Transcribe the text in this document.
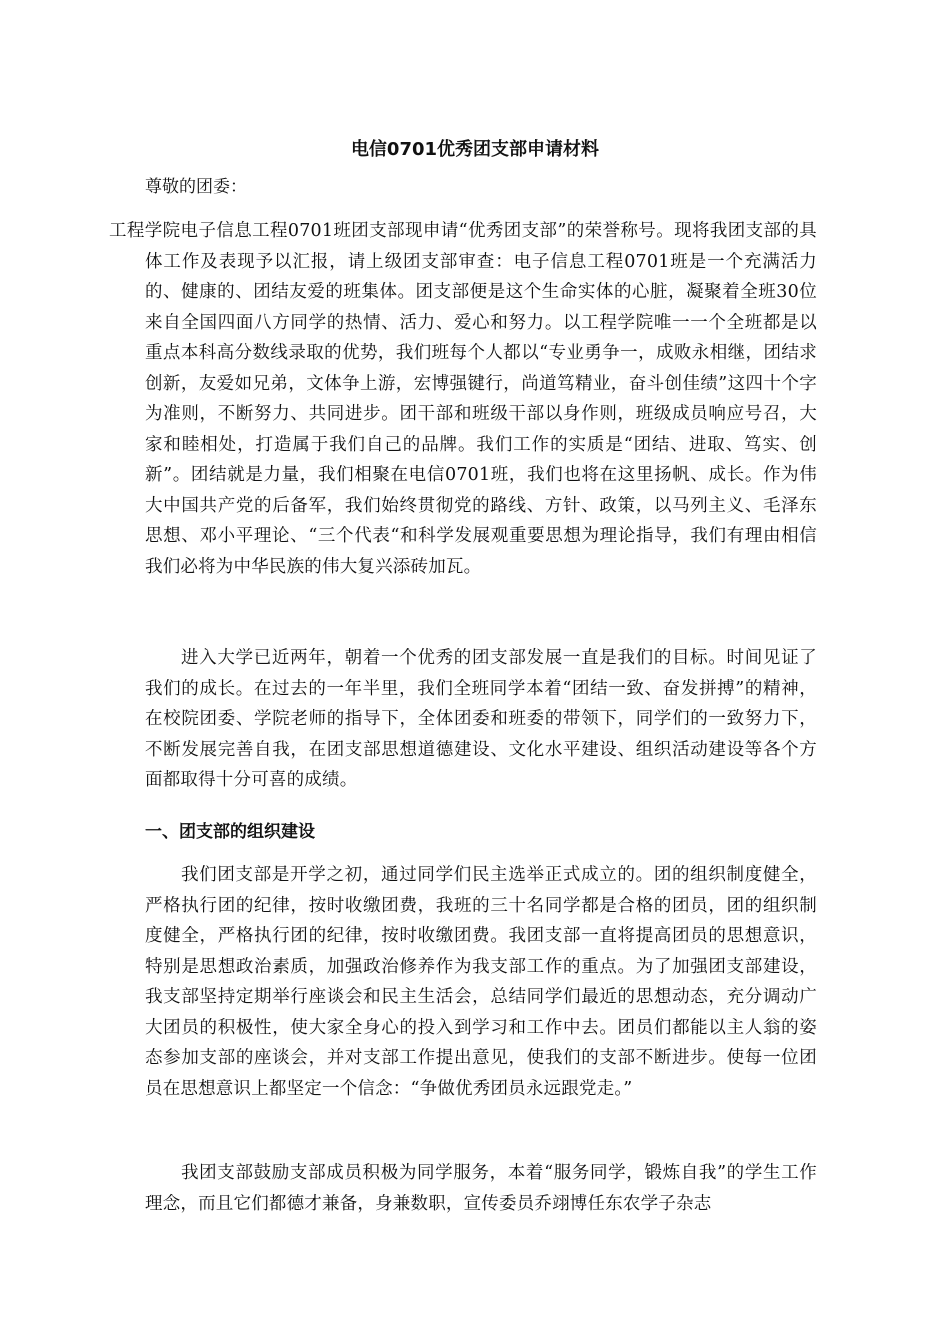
电信0701优秀团支部申请材料

尊敬的团委：

工程学院电子信息工程0701班团支部现申请“优秀团支部”的荣誉称号。现将我团支部的具体工作及表现予以汇报，请上级团支部审查：电子信息工程0701班是一个充满活力的、健康的、团结友爱的班集体。团支部便是这个生命实体的心脏，凝聚着全班30位来自全国四面八方同学的热情、活力、爱心和努力。以工程学院唯一一个全班都是以重点本科高分数线录取的优势，我们班每个人都以“专业勇争一，成败永相继，团结求创新，友爱如兄弟，文体争上游，宏博强键行，尚道笃精业，奋斗创佳绩”这四十个字为准则，不断努力、共同进步。团干部和班级干部以身作则，班级成员响应号召，大家和睦相处，打造属于我们自己的品牌。我们工作的实质是“团结、进取、笃实、创新”。团结就是力量，我们相聚在电信0701班，我们也将在这里扬帆、成长。作为伟大中国共产党的后备军，我们始终贯彻党的路线、方针、政策，以马列主义、毛泽东思想、邓小平理论、“三个代表“和科学发展观重要思想为理论指导，我们有理由相信我们必将为中华民族的伟大复兴添砖加瓦。

进入大学已近两年，朝着一个优秀的团支部发展一直是我们的目标。时间见证了我们的成长。在过去的一年半里，我们全班同学本着“团结一致、奋发拼搏”的精神，在校院团委、学院老师的指导下，全体团委和班委的带领下，同学们的一致努力下，不断发展完善自我，在团支部思想道德建设、文化水平建设、组织活动建设等各个方面都取得十分可喜的成绩。

一、团支部的组织建设

我们团支部是开学之初，通过同学们民主选举正式成立的。团的组织制度健全，严格执行团的纪律，按时收缴团费，我班的三十名同学都是合格的团员，团的组织制度健全，严格执行团的纪律，按时收缴团费。我团支部一直将提高团员的思想意识，特别是思想政治素质，加强政治修养作为我支部工作的重点。为了加强团支部建设，我支部坚持定期举行座谈会和民主生活会，总结同学们最近的思想动态，充分调动广大团员的积极性，使大家全身心的投入到学习和工作中去。团员们都能以主人翁的姿态参加支部的座谈会，并对支部工作提出意见，使我们的支部不断进步。使每一位团员在思想意识上都坚定一个信念：“争做优秀团员永远跟党走。”

我团支部鼓励支部成员积极为同学服务，本着“服务同学，锻炼自我”的学生工作理念，而且它们都德才兼备，身兼数职，宣传委员乔翊博任东农学子杂志
